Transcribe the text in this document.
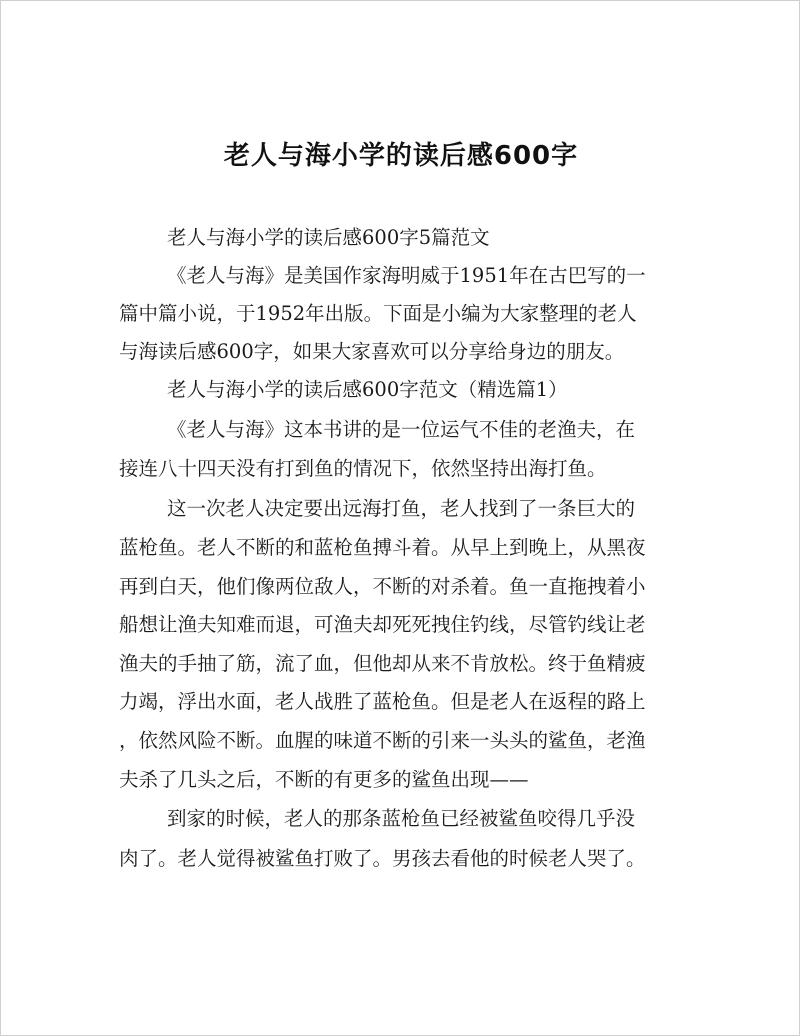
老人与海小学的读后感600字
老人与海小学的读后感600字5篇范文
《老人与海》是美国作家海明威于1951年在古巴写的一
篇中篇小说，于1952年出版。下面是小编为大家整理的老人
与海读后感600字，如果大家喜欢可以分享给身边的朋友。
老人与海小学的读后感600字范文（精选篇1）
《老人与海》这本书讲的是一位运气不佳的老渔夫，在
接连八十四天没有打到鱼的情况下，依然坚持出海打鱼。
这一次老人决定要出远海打鱼，老人找到了一条巨大的
蓝枪鱼。老人不断的和蓝枪鱼搏斗着。从早上到晚上，从黑夜
再到白天，他们像两位敌人，不断的对杀着。鱼一直拖拽着小
船想让渔夫知难而退，可渔夫却死死拽住钓线，尽管钓线让老
渔夫的手抽了筋，流了血，但他却从来不肯放松。终于鱼精疲
力竭，浮出水面，老人战胜了蓝枪鱼。但是老人在返程的路上
，依然风险不断。血腥的味道不断的引来一头头的鲨鱼，老渔
夫杀了几头之后，不断的有更多的鲨鱼出现——
到家的时候，老人的那条蓝枪鱼已经被鲨鱼咬得几乎没
肉了。老人觉得被鲨鱼打败了。男孩去看他的时候老人哭了。
